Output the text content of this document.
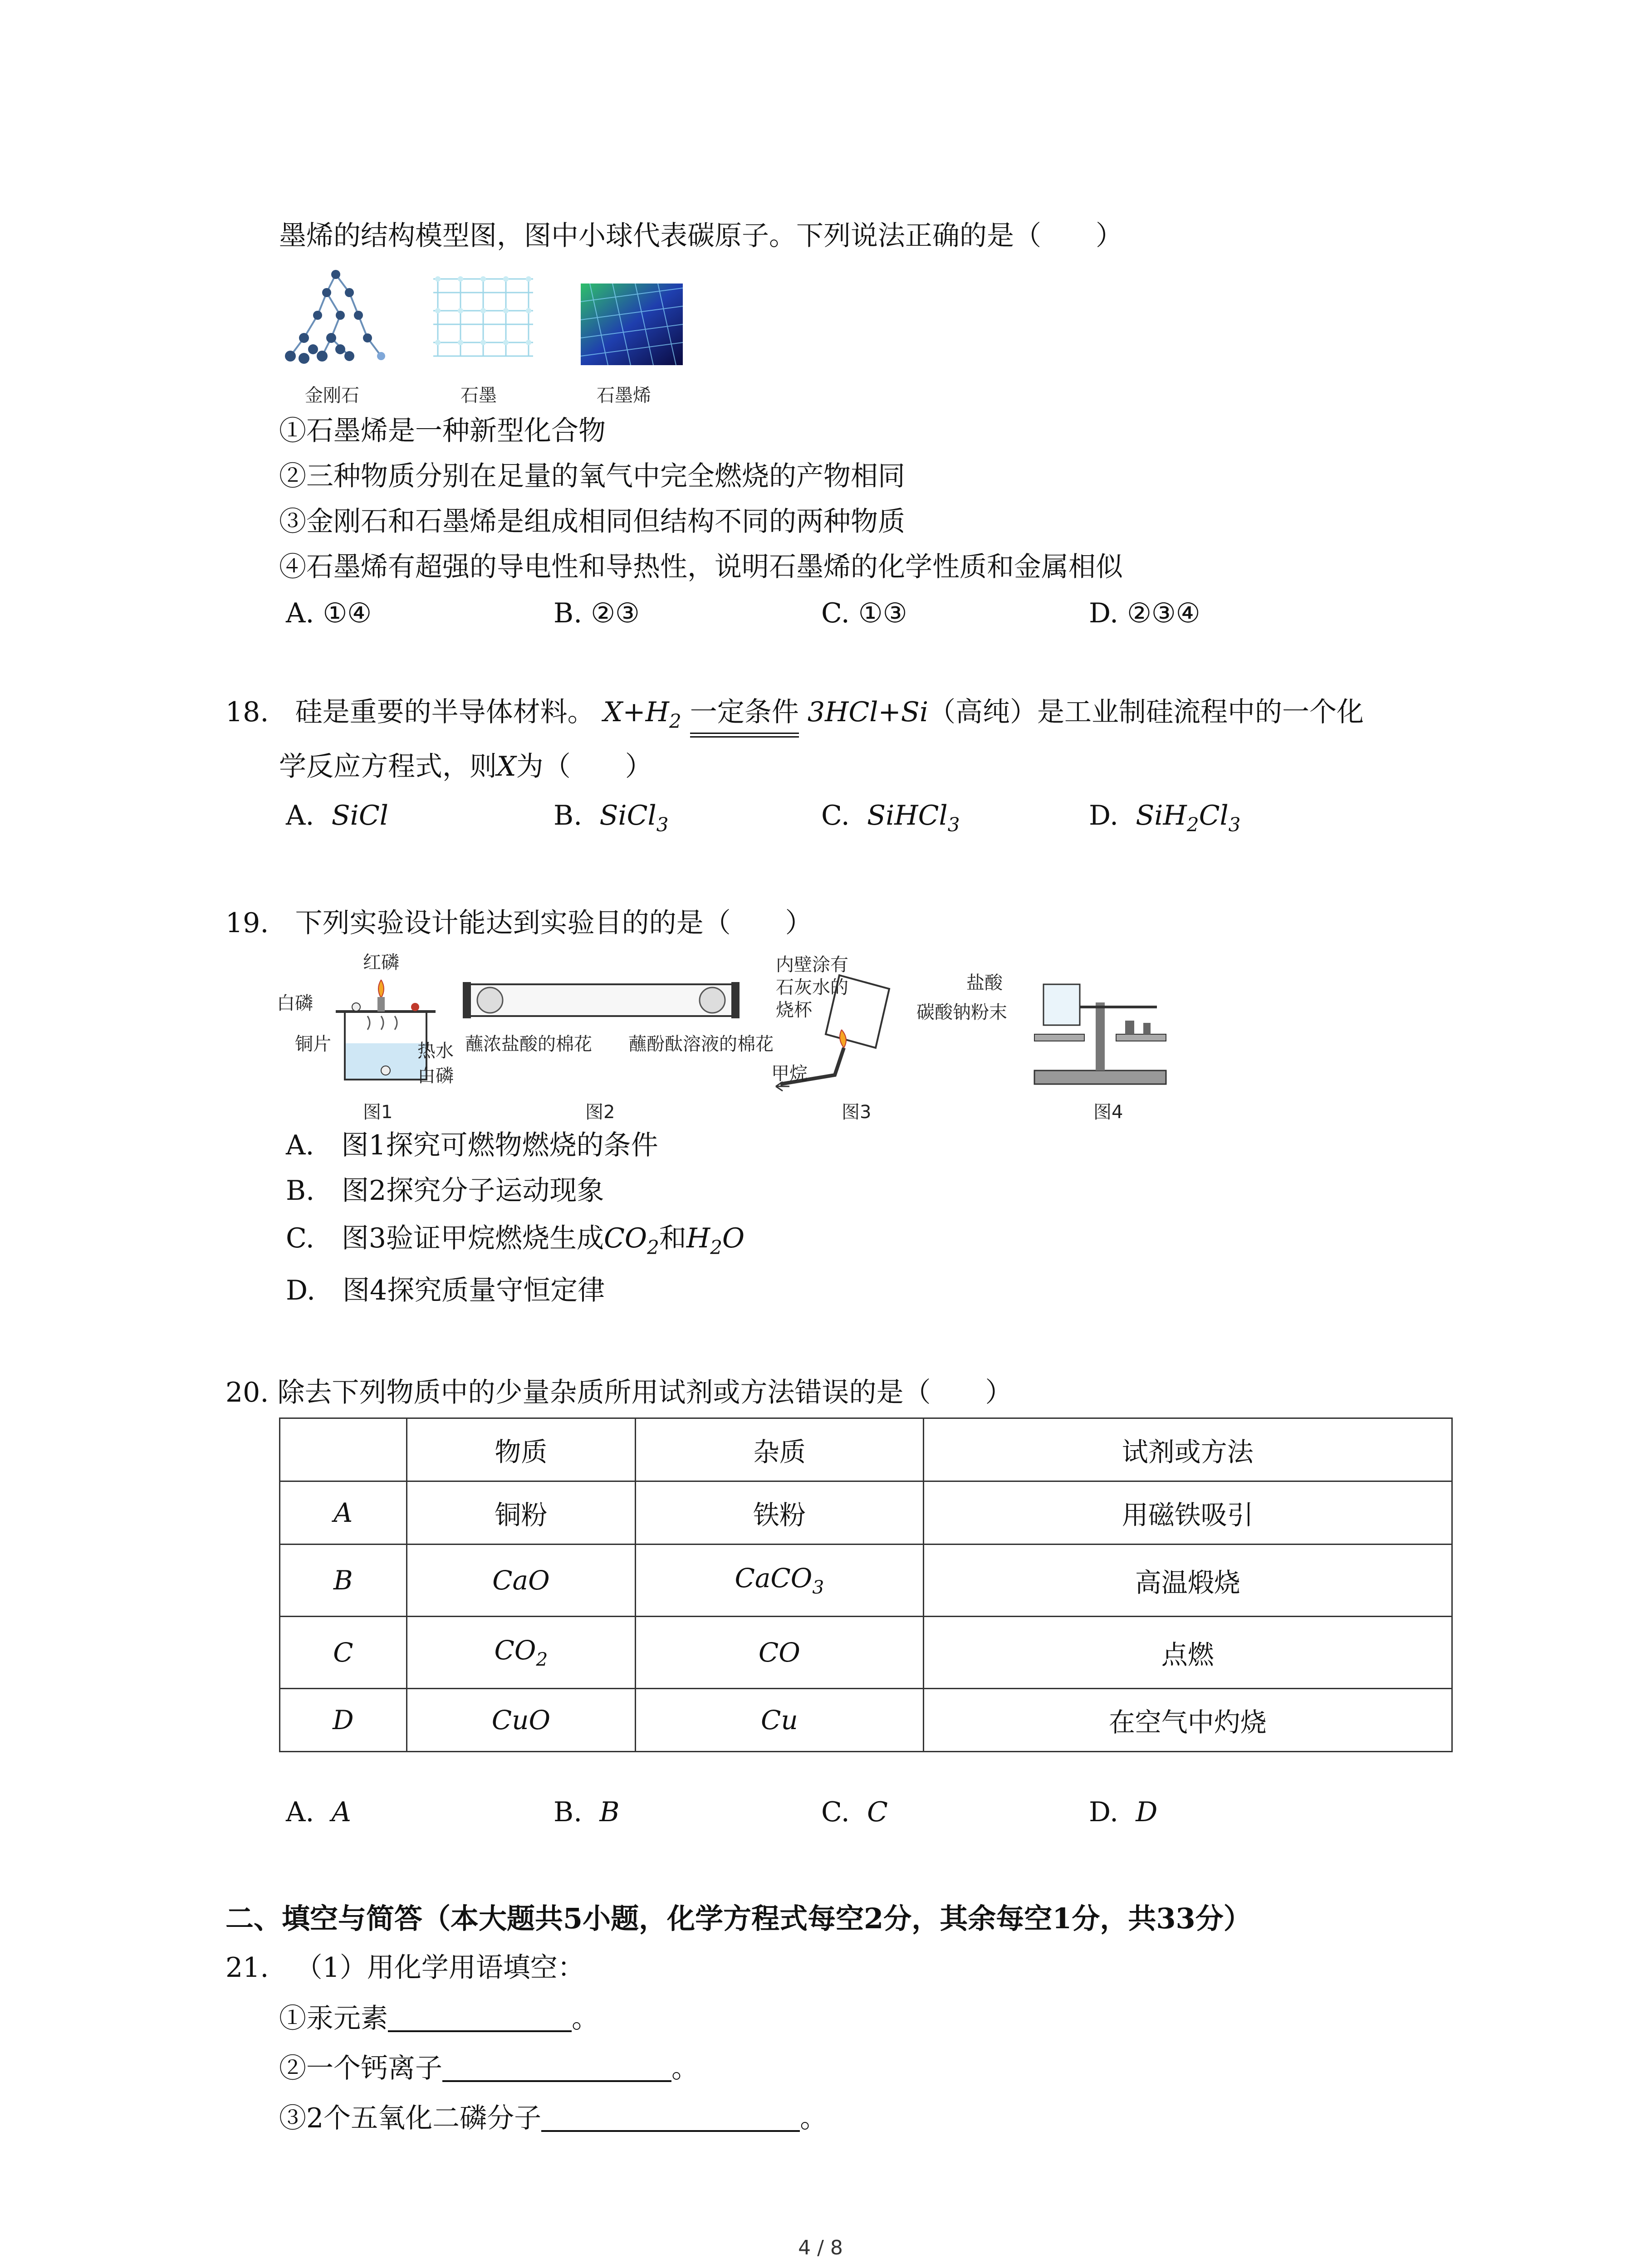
墨烯的结构模型图，图中小球代表碳原子。下列说法正确的是（　　）
金刚石	石墨	石墨烯
①石墨烯是一种新型化合物
②三种物质分别在足量的氧气中完全燃烧的产物相同
③金刚石和石墨烯是组成相同但结构不同的两种物质
④石墨烯有超强的导电性和导热性，说明石墨烯的化学性质和金属相似
A. ①④	B. ②③	C. ①③	D. ②③④
18. 硅是重要的半导体材料。 $X+H_2$ 一定条件 3HCl+Si（高纯）是工业制硅流程中的一个化
学反应方程式，则X为（　　）
A. SiCl	B. SiCl$_3$	C. SiHCl$_3$	D. $SiH_2Cl_3$
19. 下列实验设计能达到实验目的的是（　　）
红磷
白磷
铜片	热水
白磷
图1
蘸浓盐酸的棉花 蘸酚酞溶液的棉花
图2
内壁涂有
石灰水的
烧杯
甲烷
图3
盐酸
碳酸钠粉末
图4
A.　图1探究可燃物燃烧的条件
B.　图2探究分子运动现象
C.　图3验证甲烷燃烧生成$CO_2$和$H_2O$
D.　图4探究质量守恒定律
20. 除去下列物质中的少量杂质所用试剂或方法错误的是（　　）
	物质	杂质	试剂或方法
A	铜粉	铁粉	用磁铁吸引
B	CaO	CaCO$_3$	高温煅烧
C	$CO_2$	CO	点燃
D	CuO	Cu	在空气中灼烧
A. A	B. B	C. C	D. D
二、填空与简答（本大题共5小题，化学方程式每空2分，其余每空1分，共33分）
21. （1）用化学用语填空：
①汞元素	。
②一个钙离子	。
③2个五氧化二磷分子	。
4 / 8
